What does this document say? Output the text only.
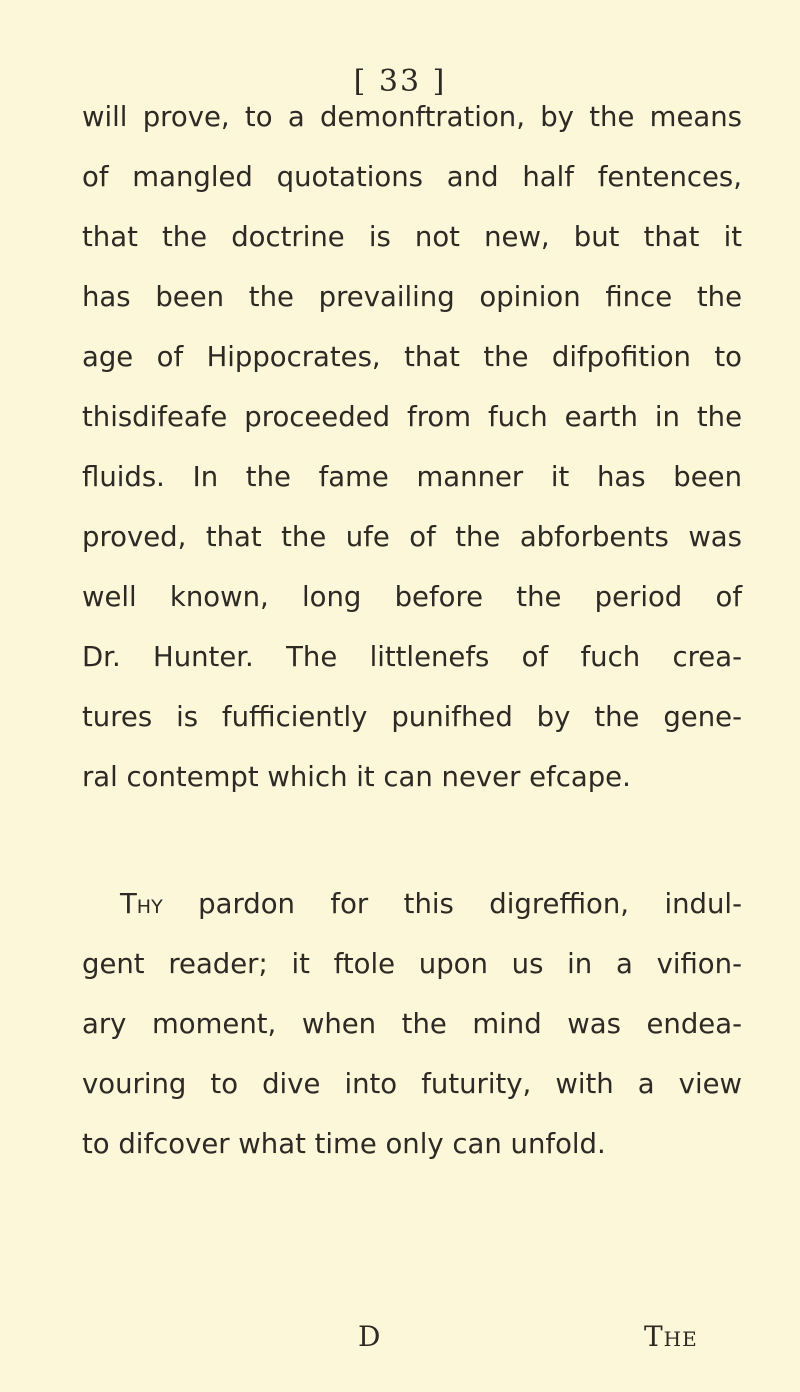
[ 33 ]
will prove, to a demonftration, by the means
of mangled quotations and half fentences,
that the doctrine is not new, but that it
has been the prevailing opinion fince the
age of Hippocrates, that the difpofition to
thisdifeafe proceeded from fuch earth in the
fluids. In the fame manner it has been
proved, that the ufe of the abforbents was
well known, long before the period of
Dr. Hunter. The littlenefs of fuch crea-
tures is fufficiently punifhed by the gene-
ral contempt which it can never efcape.
Thy pardon for this digreffion, indul-
gent reader; it ftole upon us in a vifion-
ary moment, when the mind was endea-
vouring to dive into futurity, with a view
to difcover what time only can unfold.
D	The
